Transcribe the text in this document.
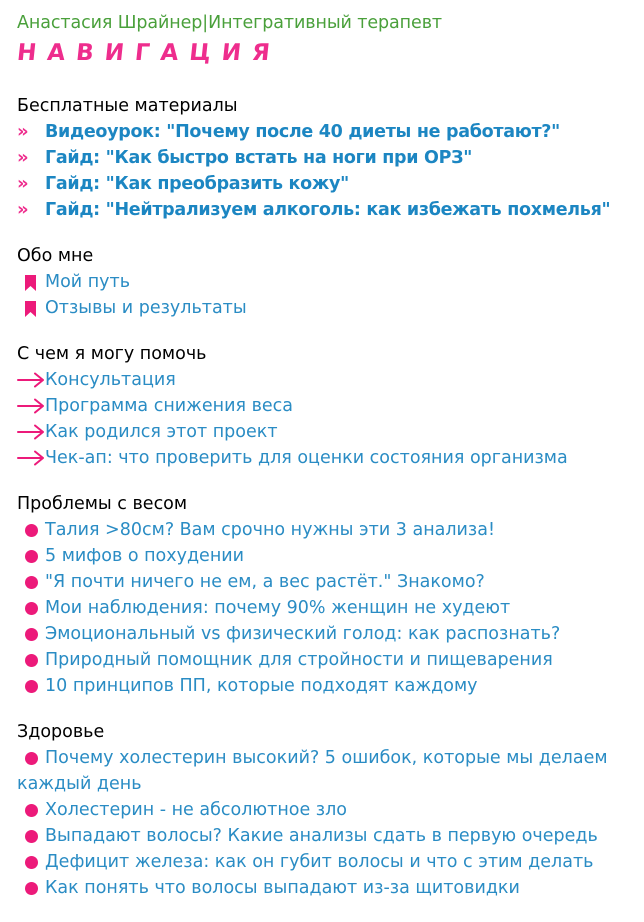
Анастасия Шрайнер|Интегративный терапевт
НАВИГАЦИЯ
Бесплатные материалы
»	Видеоурок: "Почему после 40 диеты не работают?"
»	Гайд: "Как быстро встать на ноги при ОРЗ"
»	Гайд: "Как преобразить кожу"
»	Гайд: "Нейтрализуем алкоголь: как избежать похмелья"
Обо мне
Мой путь
Отзывы и результаты
С чем я могу помочь
Консультация
Программа снижения веса
Как родился этот проект
Чек-ап: что проверить для оценки состояния организма
Проблемы с весом
Талия >80см? Вам срочно нужны эти 3 анализа!
5 мифов о похудении
"Я почти ничего не ем, а вес растёт." Знакомо?
Мои наблюдения: почему 90% женщин не худеют
Эмоциональный vs физический голод: как распознать?
Природный помощник для стройности и пищеварения
10 принципов ПП, которые подходят каждому
Здоровье
Почему холестерин высокий? 5 ошибок, которые мы делаем
каждый день
Холестерин - не абсолютное зло
Выпадают волосы? Какие анализы сдать в первую очередь
Дефицит железа: как он губит волосы и что с этим делать
Как понять что волосы выпадают из-за щитовидки
